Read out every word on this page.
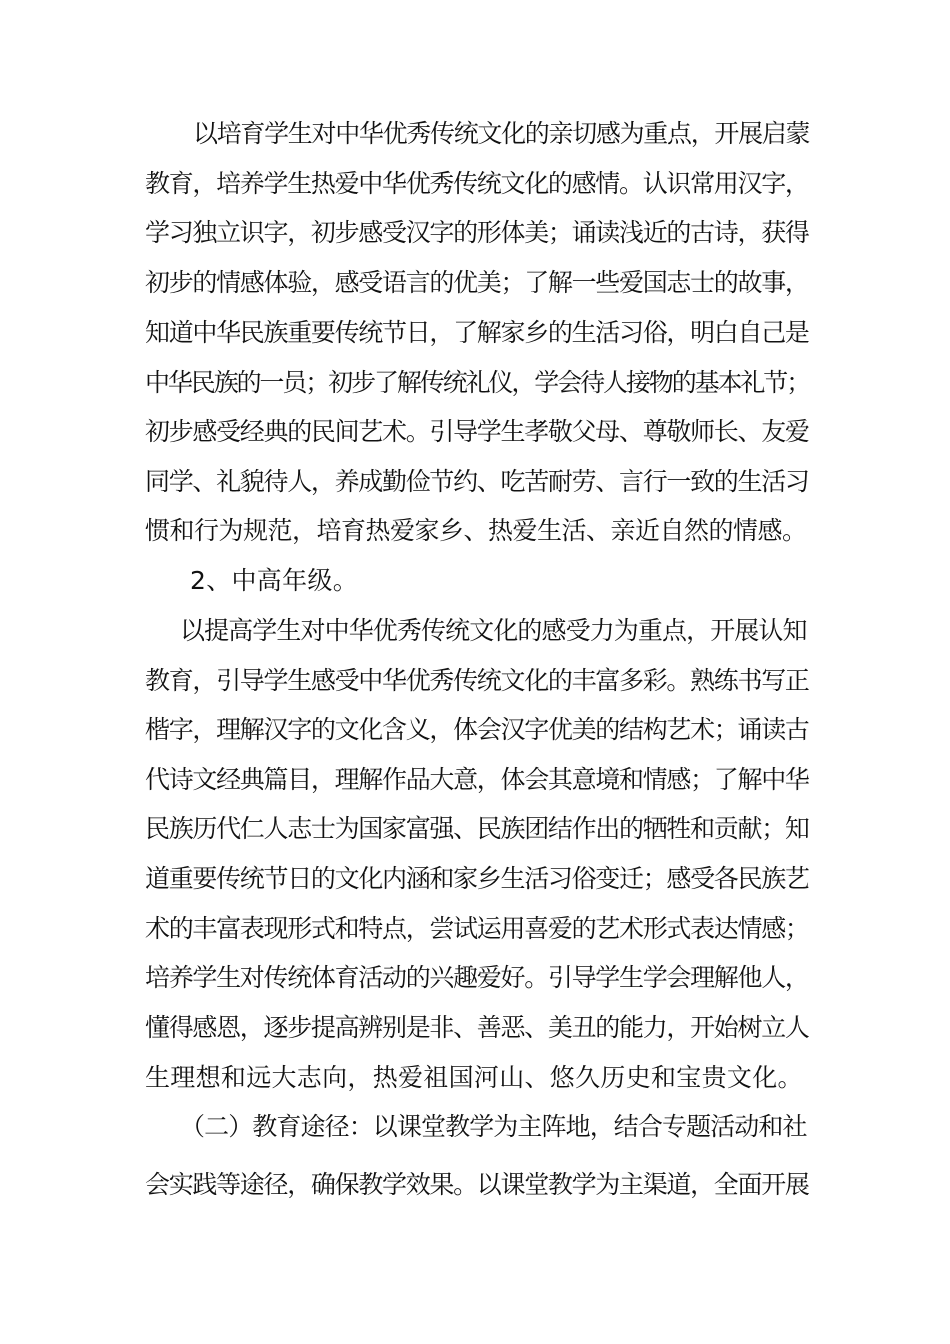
以培育学生对中华优秀传统文化的亲切感为重点，开展启蒙
教育，培养学生热爱中华优秀传统文化的感情。认识常用汉字，
学习独立识字，初步感受汉字的形体美；诵读浅近的古诗，获得
初步的情感体验，感受语言的优美；了解一些爱国志士的故事，
知道中华民族重要传统节日，了解家乡的生活习俗，明白自己是
中华民族的一员；初步了解传统礼仪，学会待人接物的基本礼节；
初步感受经典的民间艺术。引导学生孝敬父母、尊敬师长、友爱
同学、礼貌待人，养成勤俭节约、吃苦耐劳、言行一致的生活习
惯和行为规范，培育热爱家乡、热爱生活、亲近自然的情感。
2、中高年级。
以提高学生对中华优秀传统文化的感受力为重点，开展认知
教育，引导学生感受中华优秀传统文化的丰富多彩。熟练书写正
楷字，理解汉字的文化含义，体会汉字优美的结构艺术；诵读古
代诗文经典篇目，理解作品大意，体会其意境和情感；了解中华
民族历代仁人志士为国家富强、民族团结作出的牺牲和贡献；知
道重要传统节日的文化内涵和家乡生活习俗变迁；感受各民族艺
术的丰富表现形式和特点，尝试运用喜爱的艺术形式表达情感；
培养学生对传统体育活动的兴趣爱好。引导学生学会理解他人，
懂得感恩，逐步提高辨别是非、善恶、美丑的能力，开始树立人
生理想和远大志向，热爱祖国河山、悠久历史和宝贵文化。
（二）教育途径：以课堂教学为主阵地，结合专题活动和社
会实践等途径，确保教学效果。以课堂教学为主渠道，全面开展
